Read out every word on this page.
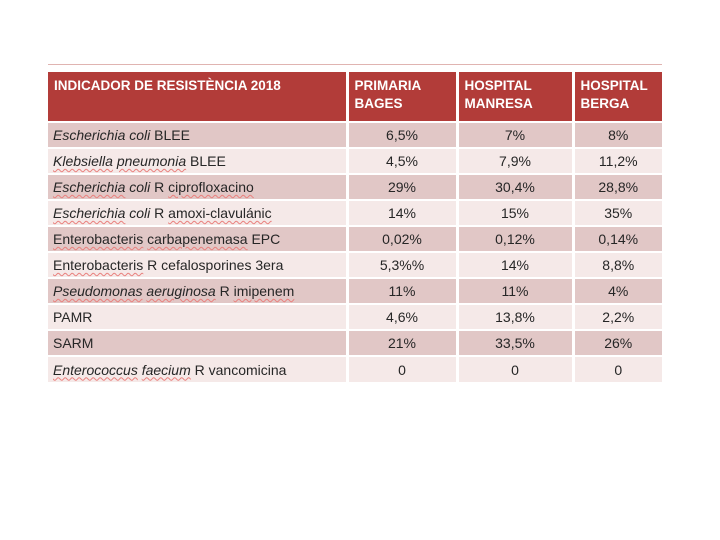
INDICADOR DE RESISTÈNCIA 2018	PRIMARIA BAGES	HOSPITAL MANRESA	HOSPITAL BERGA
Escherichia coli BLEE	6,5%	7%	8%
Klebsiella pneumonia BLEE	4,5%	7,9%	11,2%
Escherichia coli R ciprofloxacino	29%	30,4%	28,8%
Escherichia coli R amoxi-clavulánic	14%	15%	35%
Enterobacteris carbapenemasa EPC	0,02%	0,12%	0,14%
Enterobacteris R cefalosporines 3era	5,3%%	14%	8,8%
Pseudomonas aeruginosa R imipenem	11%	11%	4%
PAMR	4,6%	13,8%	2,2%
SARM	21%	33,5%	26%
Enterococcus faecium R vancomicina	0	0	0
